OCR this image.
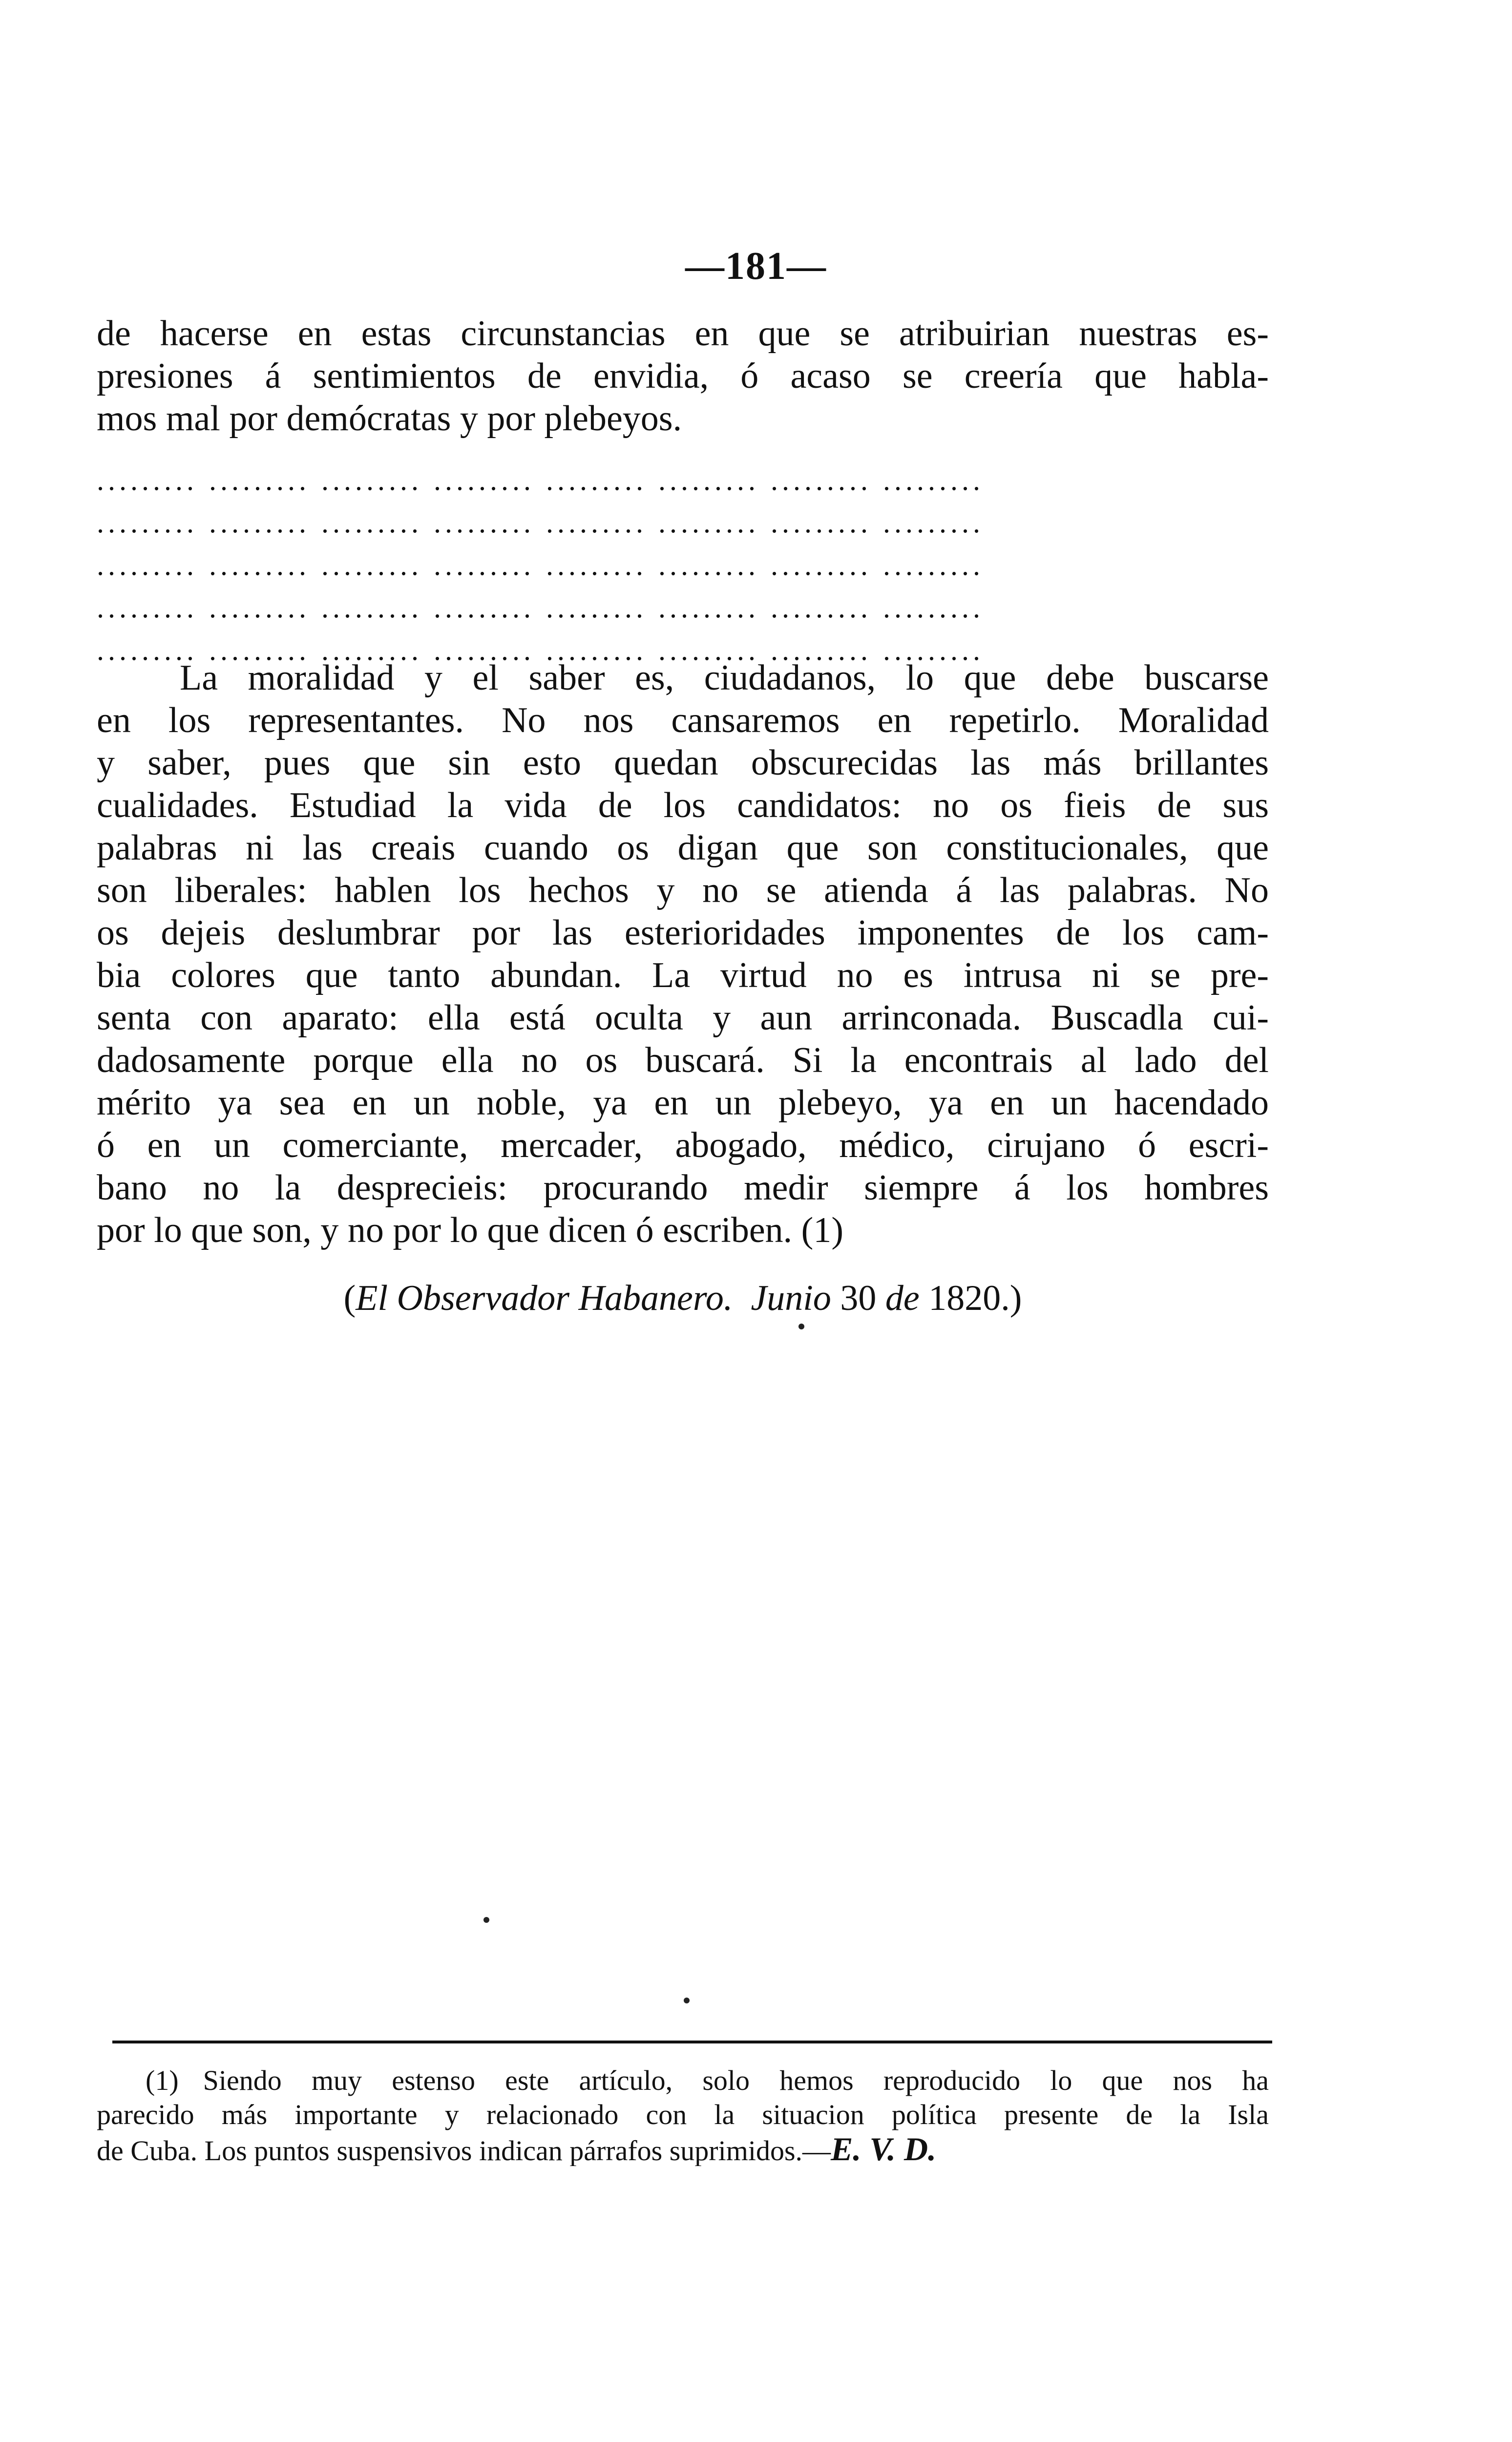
—181—
de hacerse en estas circunstancias en que se atribuirian nuestras es-
presiones á sentimientos de envidia, ó acaso se creería que habla-
mos mal por demócratas y por plebeyos.
......... ......... ......... ......... ......... ......... ......... .........
......... ......... ......... ......... ......... ......... ......... .........
......... ......... ......... ......... ......... ......... ......... .........
......... ......... ......... ......... ......... ......... ......... .........
......... ......... ......... ......... ......... ......... ......... .........
La moralidad y el saber es, ciudadanos, lo que debe buscarse
en los representantes. No nos cansaremos en repetirlo. Moralidad
y saber, pues que sin esto quedan obscurecidas las más brillantes
cualidades. Estudiad la vida de los candidatos: no os fieis de sus
palabras ni las creais cuando os digan que son constitucionales, que
son liberales: hablen los hechos y no se atienda á las palabras. No
os dejeis deslumbrar por las esterioridades imponentes de los cam-
bia colores que tanto abundan. La virtud no es intrusa ni se pre-
senta con aparato: ella está oculta y aun arrinconada. Buscadla cui-
dadosamente porque ella no os buscará. Si la encontrais al lado del
mérito ya sea en un noble, ya en un plebeyo, ya en un hacendado
ó en un comerciante, mercader, abogado, médico, cirujano ó escri-
bano no la desprecieis: procurando medir siempre á los hombres
por lo que son, y no por lo que dicen ó escriben. (1)
(El Observador Habanero. Junio 30 de 1820.)
(1) Siendo muy estenso este artículo, solo hemos reproducido lo que nos ha
parecido más importante y relacionado con la situacion política presente de la Isla
de Cuba. Los puntos suspensivos indican párrafos suprimidos.—E. V. D.
